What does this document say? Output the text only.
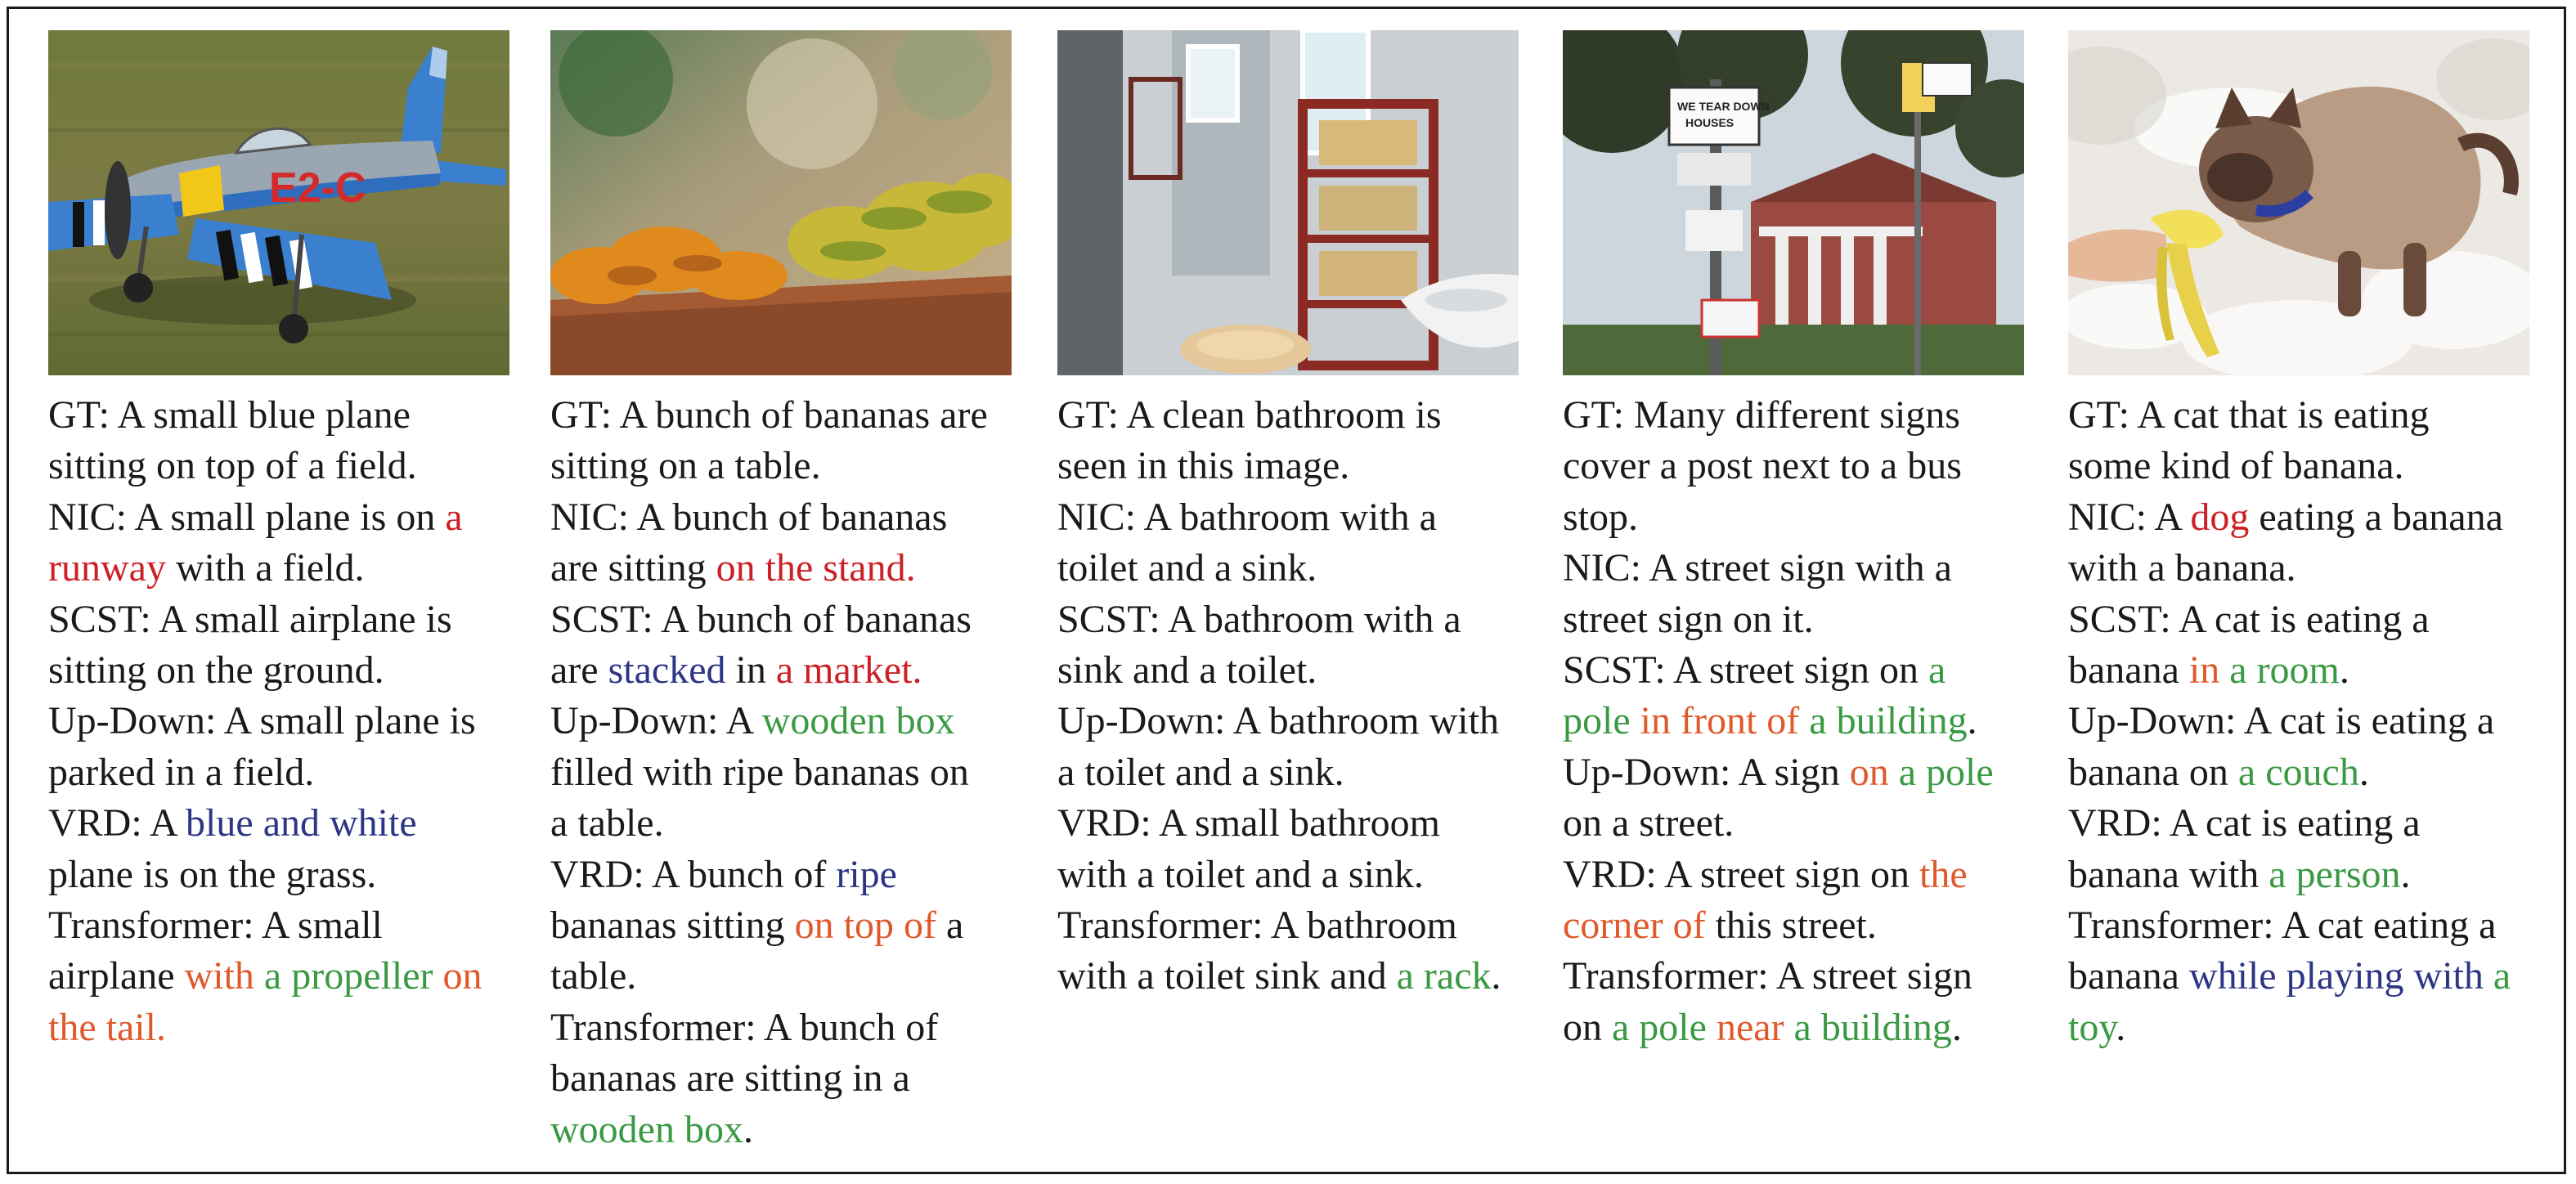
E2-C
GT: A small blue plane
sitting on top of a field.
NIC: A small plane is on a
runway with a field.
SCST: A small airplane is
sitting on the ground.
Up-Down: A small plane is
parked in a field.
VRD: A blue and white
plane is on the grass.
Transformer: A small
airplane with a propeller on
the tail.
GT: A bunch of bananas are
sitting on a table.
NIC: A bunch of bananas
are sitting on the stand.
SCST: A bunch of bananas
are stacked in a market.
Up-Down: A wooden box
filled with ripe bananas on
a table.
VRD: A bunch of ripe
bananas sitting on top of a
table.
Transformer: A bunch of
bananas are sitting in a
wooden box.
GT: A clean bathroom is
seen in this image.
NIC: A bathroom with a
toilet and a sink.
SCST: A bathroom with a
sink and a toilet.
Up-Down: A bathroom with
a toilet and a sink.
VRD: A small bathroom
with a toilet and a sink.
Transformer: A bathroom
with a toilet sink and a rack.
WE TEAR DOWN
HOUSES
GT: Many different signs
cover a post next to a bus
stop.
NIC: A street sign with a
street sign on it.
SCST: A street sign on a
pole in front of a building.
Up-Down: A sign on a pole
on a street.
VRD: A street sign on the
corner of this street.
Transformer: A street sign
on a pole near a building.
GT: A cat that is eating
some kind of banana.
NIC: A dog eating a banana
with a banana.
SCST: A cat is eating a
banana in a room.
Up-Down: A cat is eating a
banana on a couch.
VRD: A cat is eating a
banana with a person.
Transformer: A cat eating a
banana while playing with a
toy.
